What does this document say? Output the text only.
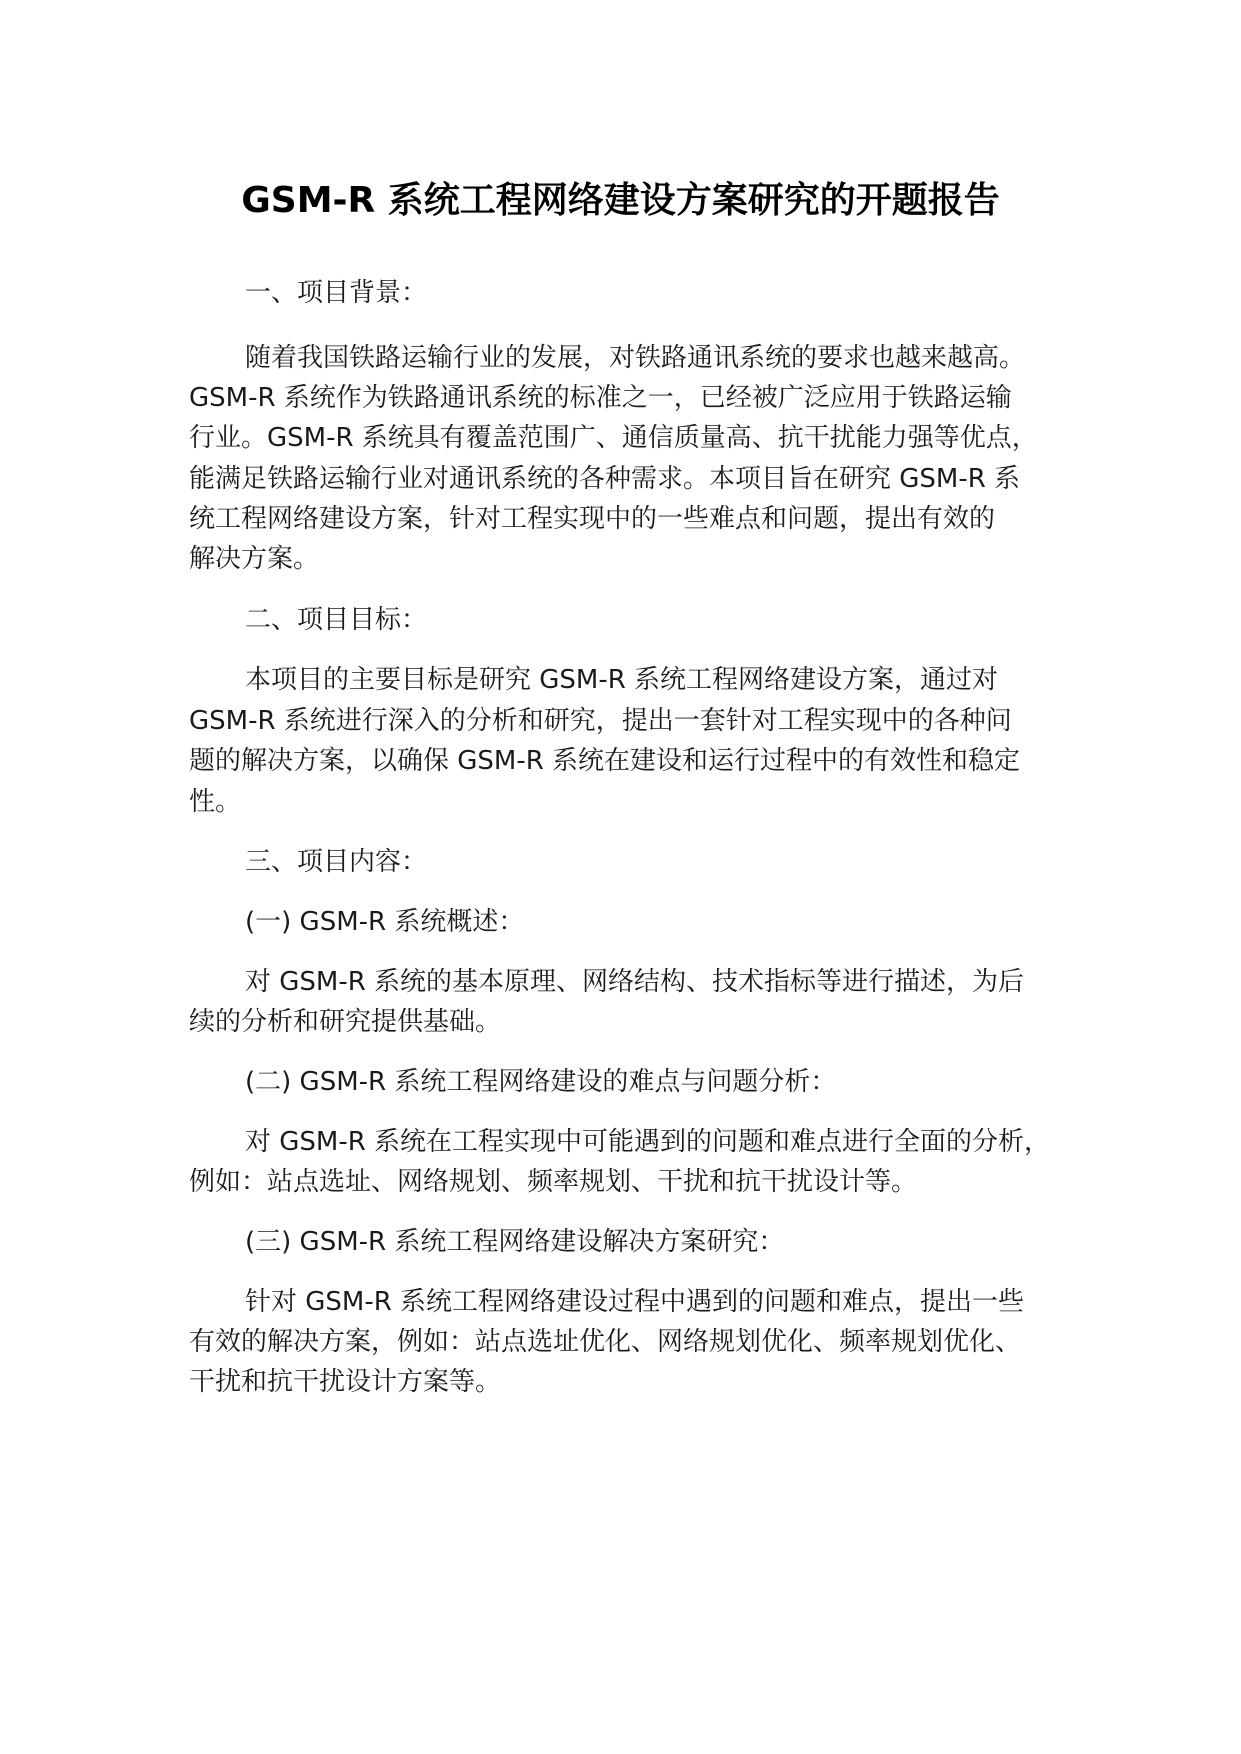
GSM-R 系统工程网络建设方案研究的开题报告
一、项目背景：
随着我国铁路运输行业的发展，对铁路通讯系统的要求也越来越高。
GSM-R 系统作为铁路通讯系统的标准之一，已经被广泛应用于铁路运输
行业。GSM-R 系统具有覆盖范围广、通信质量高、抗干扰能力强等优点，
能满足铁路运输行业对通讯系统的各种需求。本项目旨在研究 GSM-R 系
统工程网络建设方案，针对工程实现中的一些难点和问题，提出有效的
解决方案。
二、项目目标：
本项目的主要目标是研究 GSM-R 系统工程网络建设方案，通过对
GSM-R 系统进行深入的分析和研究，提出一套针对工程实现中的各种问
题的解决方案，以确保 GSM-R 系统在建设和运行过程中的有效性和稳定
性。
三、项目内容：
(一) GSM-R 系统概述：
对 GSM-R 系统的基本原理、网络结构、技术指标等进行描述，为后
续的分析和研究提供基础。
(二) GSM-R 系统工程网络建设的难点与问题分析：
对 GSM-R 系统在工程实现中可能遇到的问题和难点进行全面的分析，
例如：站点选址、网络规划、频率规划、干扰和抗干扰设计等。
(三) GSM-R 系统工程网络建设解决方案研究：
针对 GSM-R 系统工程网络建设过程中遇到的问题和难点，提出一些
有效的解决方案，例如：站点选址优化、网络规划优化、频率规划优化、
干扰和抗干扰设计方案等。
